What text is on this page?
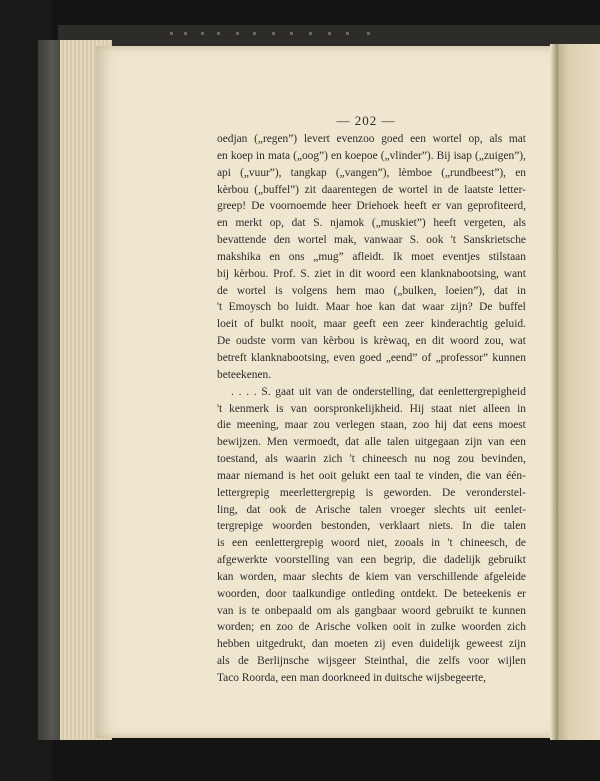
— 202 —
oedjan („regen”) levert evenzoo goed een wortel op, als mat
en koep in mata („oog”) en koepoe („vlinder”). Bij isap („zuigen”),
api („vuur”), tangkap („vangen”), lèmboe („rundbeest”), en
kèrbou („buffel”) zit daarentegen de wortel in de laatste letter-
greep! De voornoemde heer Driehoek heeft er van geprofiteerd,
en merkt op, dat S. njamok („muskiet”) heeft vergeten, als
bevattende den wortel mak, vanwaar S. ook 't Sanskrietsche
makshika en ons „mug” afleidt. Ik moet eventjes stilstaan
bij kèrbou. Prof. S. ziet in dit woord een klanknabootsing, want
de wortel is volgens hem mao („bulken, loeien”), dat in
't Emoysch bo luidt. Maar hoe kan dat waar zijn? De buffel
loeit of bulkt nooit, maar geeft een zeer kinderachtig geluid.
De oudste vorm van kèrbou is krèwaq, en dit woord zou, wat
betreft klanknabootsing, even goed „eend” of „professor” kunnen
beteekenen.
. . . . S. gaat uit van de onderstelling, dat eenlettergrepigheid
't kenmerk is van oorspronkelijkheid. Hij staat niet alleen in
die meening, maar zou verlegen staan, zoo hij dat eens moest
bewijzen. Men vermoedt, dat alle talen uitgegaan zijn van een
toestand, als waarin zich 't chineesch nu nog zou bevinden,
maar niemand is het ooit gelukt een taal te vinden, die van één-
lettergrepig meerlettergrepig is geworden. De veronderstel-
ling, dat ook de Arische talen vroeger slechts uit eenlet-
tergrepige woorden bestonden, verklaart niets. In die talen
is een eenlettergrepig woord niet, zooals in 't chineesch, de
afgewerkte voorstelling van een begrip, die dadelijk gebruikt
kan worden, maar slechts de kiem van verschillende afgeleide
woorden, door taalkundige ontleding ontdekt. De beteekenis er
van is te onbepaald om als gangbaar woord gebruikt te kunnen
worden; en zoo de Arische volken ooit in zulke woorden zich
hebben uitgedrukt, dan moeten zij even duidelijk geweest zijn
als de Berlijnsche wijsgeer Steinthal, die zelfs voor wijlen
Taco Roorda, een man doorkneed in duitsche wijsbegeerte,
